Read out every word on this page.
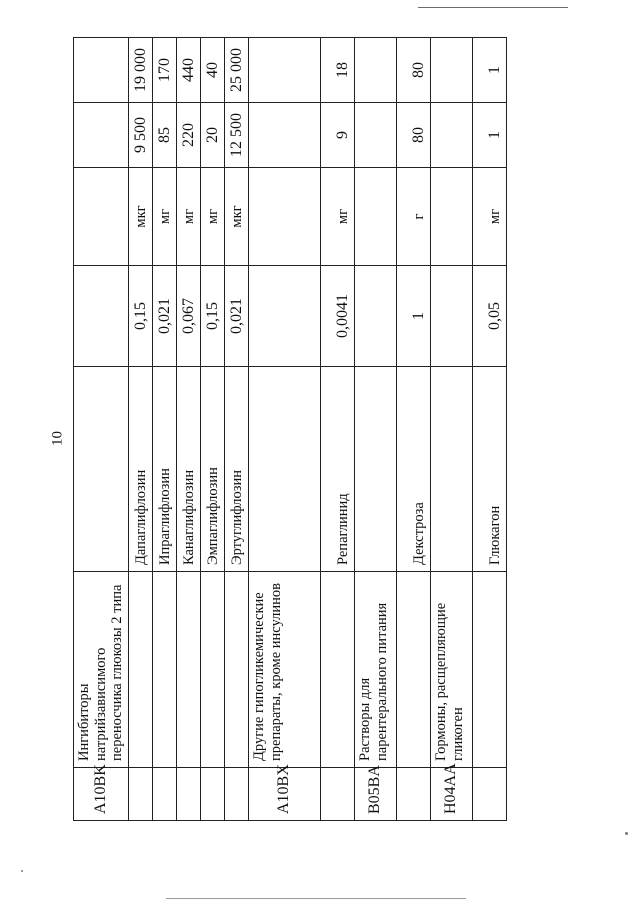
10
A10BK	Ингибиторы натрийзависимого переносчика глюкозы 2 типа					
		Дапаглифлозин	0,15	мкг	9 500	19 000
		Ипраглифлозин	0,021	мг	85	170
		Канаглифлозин	0,067	мг	220	440
		Эмпаглифлозин	0,15	мг	20	40
		Эртуглифлозин	0,021	мкг	12 500	25 000
A10BX	Другие гипогликемические препараты, кроме инсулинов					
		Репаглинид	0,0041	мг	9	18
B05BA	Растворы для парентерального питания					
		Декстроза	1	г	80	80
H04AA	Гормоны, расщепляющие гликоген					
		Глюкагон	0,05	мг	1	1
